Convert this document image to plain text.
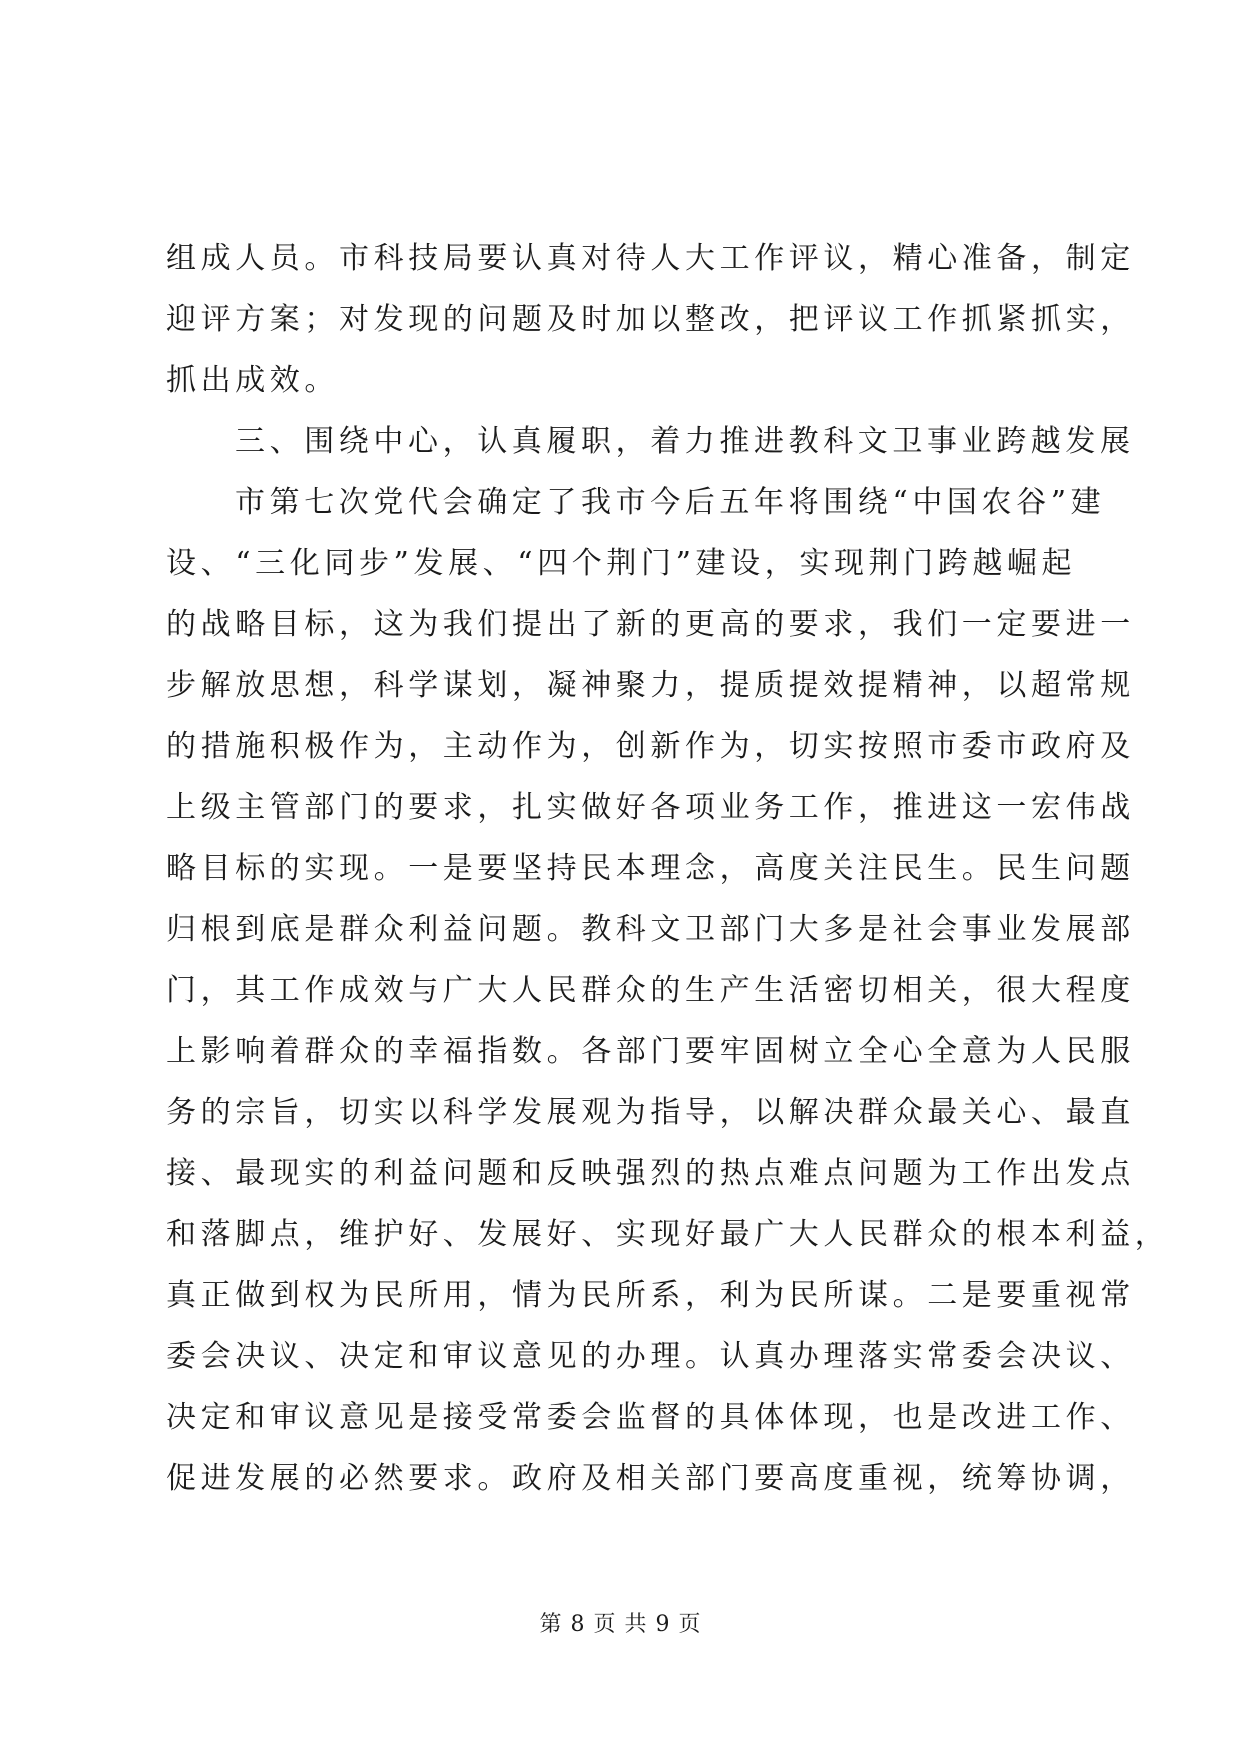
组成人员。市科技局要认真对待人大工作评议，精心准备，制定
迎评方案；对发现的问题及时加以整改，把评议工作抓紧抓实，
抓出成效。
三、围绕中心，认真履职，着力推进教科文卫事业跨越发展
市第七次党代会确定了我市今后五年将围绕“中国农谷”建
设、“三化同步”发展、“四个荆门”建设，实现荆门跨越崛起
的战略目标，这为我们提出了新的更高的要求，我们一定要进一
步解放思想，科学谋划，凝神聚力，提质提效提精神，以超常规
的措施积极作为，主动作为，创新作为，切实按照市委市政府及
上级主管部门的要求，扎实做好各项业务工作，推进这一宏伟战
略目标的实现。一是要坚持民本理念，高度关注民生。民生问题
归根到底是群众利益问题。教科文卫部门大多是社会事业发展部
门，其工作成效与广大人民群众的生产生活密切相关，很大程度
上影响着群众的幸福指数。各部门要牢固树立全心全意为人民服
务的宗旨，切实以科学发展观为指导，以解决群众最关心、最直
接、最现实的利益问题和反映强烈的热点难点问题为工作出发点
和落脚点，维护好、发展好、实现好最广大人民群众的根本利益，
真正做到权为民所用，情为民所系，利为民所谋。二是要重视常
委会决议、决定和审议意见的办理。认真办理落实常委会决议、
决定和审议意见是接受常委会监督的具体体现，也是改进工作、
促进发展的必然要求。政府及相关部门要高度重视，统筹协调，
第 8 页 共 9 页
